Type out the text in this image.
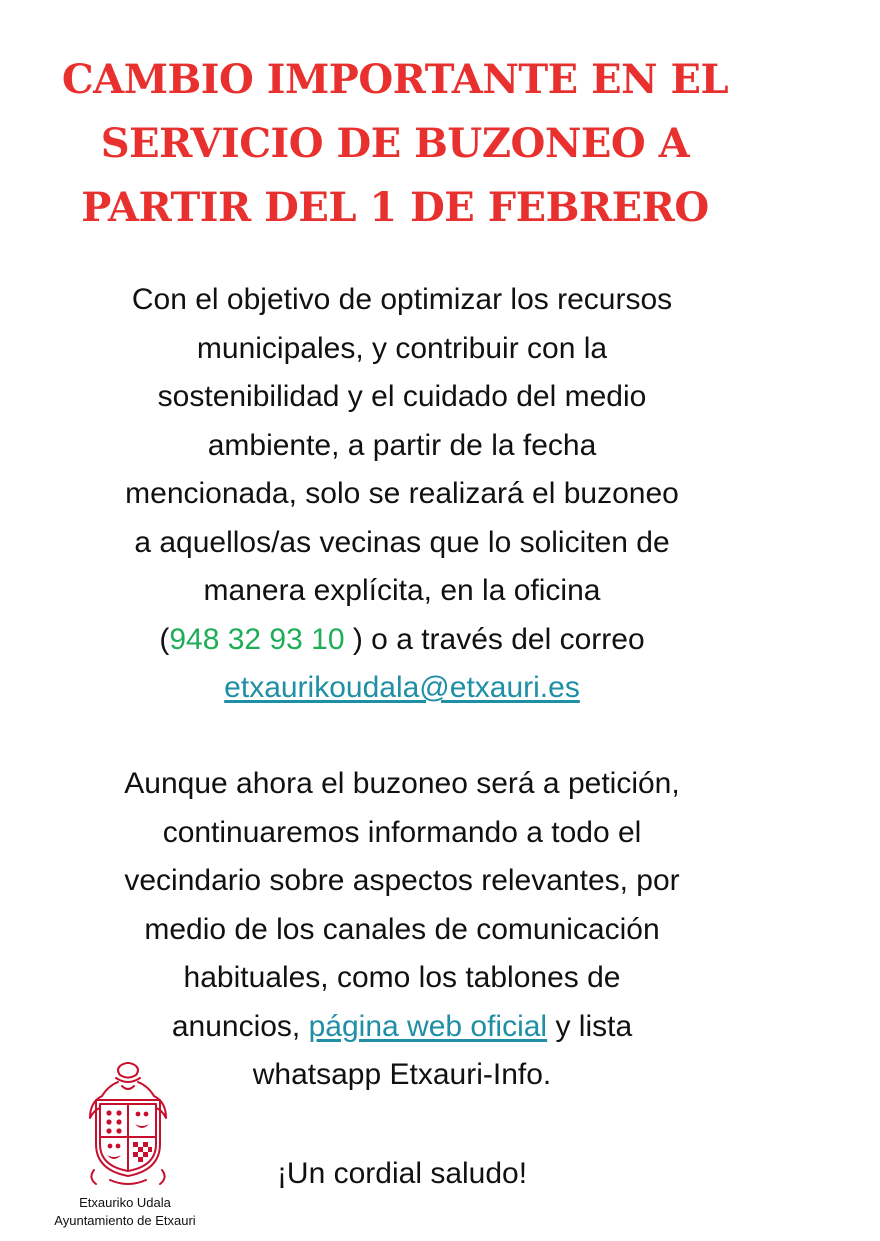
CAMBIO IMPORTANTE EN EL
SERVICIO DE BUZONEO A
PARTIR DEL 1 DE FEBRERO

Con el objetivo de optimizar los recursos
municipales, y contribuir con la
sostenibilidad y el cuidado del medio
ambiente, a partir de la fecha
mencionada, solo se realizará el buzoneo
a aquellos/as vecinas que lo soliciten de
manera explícita, en la oficina
(948 32 93 10 ) o a través del correo
etxaurikoudala@etxauri.es

Aunque ahora el buzoneo será a petición,
continuaremos informando a todo el
vecindario sobre aspectos relevantes, por
medio de los canales de comunicación
habituales, como los tablones de
anuncios, página web oficial y lista
whatsapp Etxauri-Info.

¡Un cordial saludo!

Etxauriko Udala
Ayuntamiento de Etxauri
